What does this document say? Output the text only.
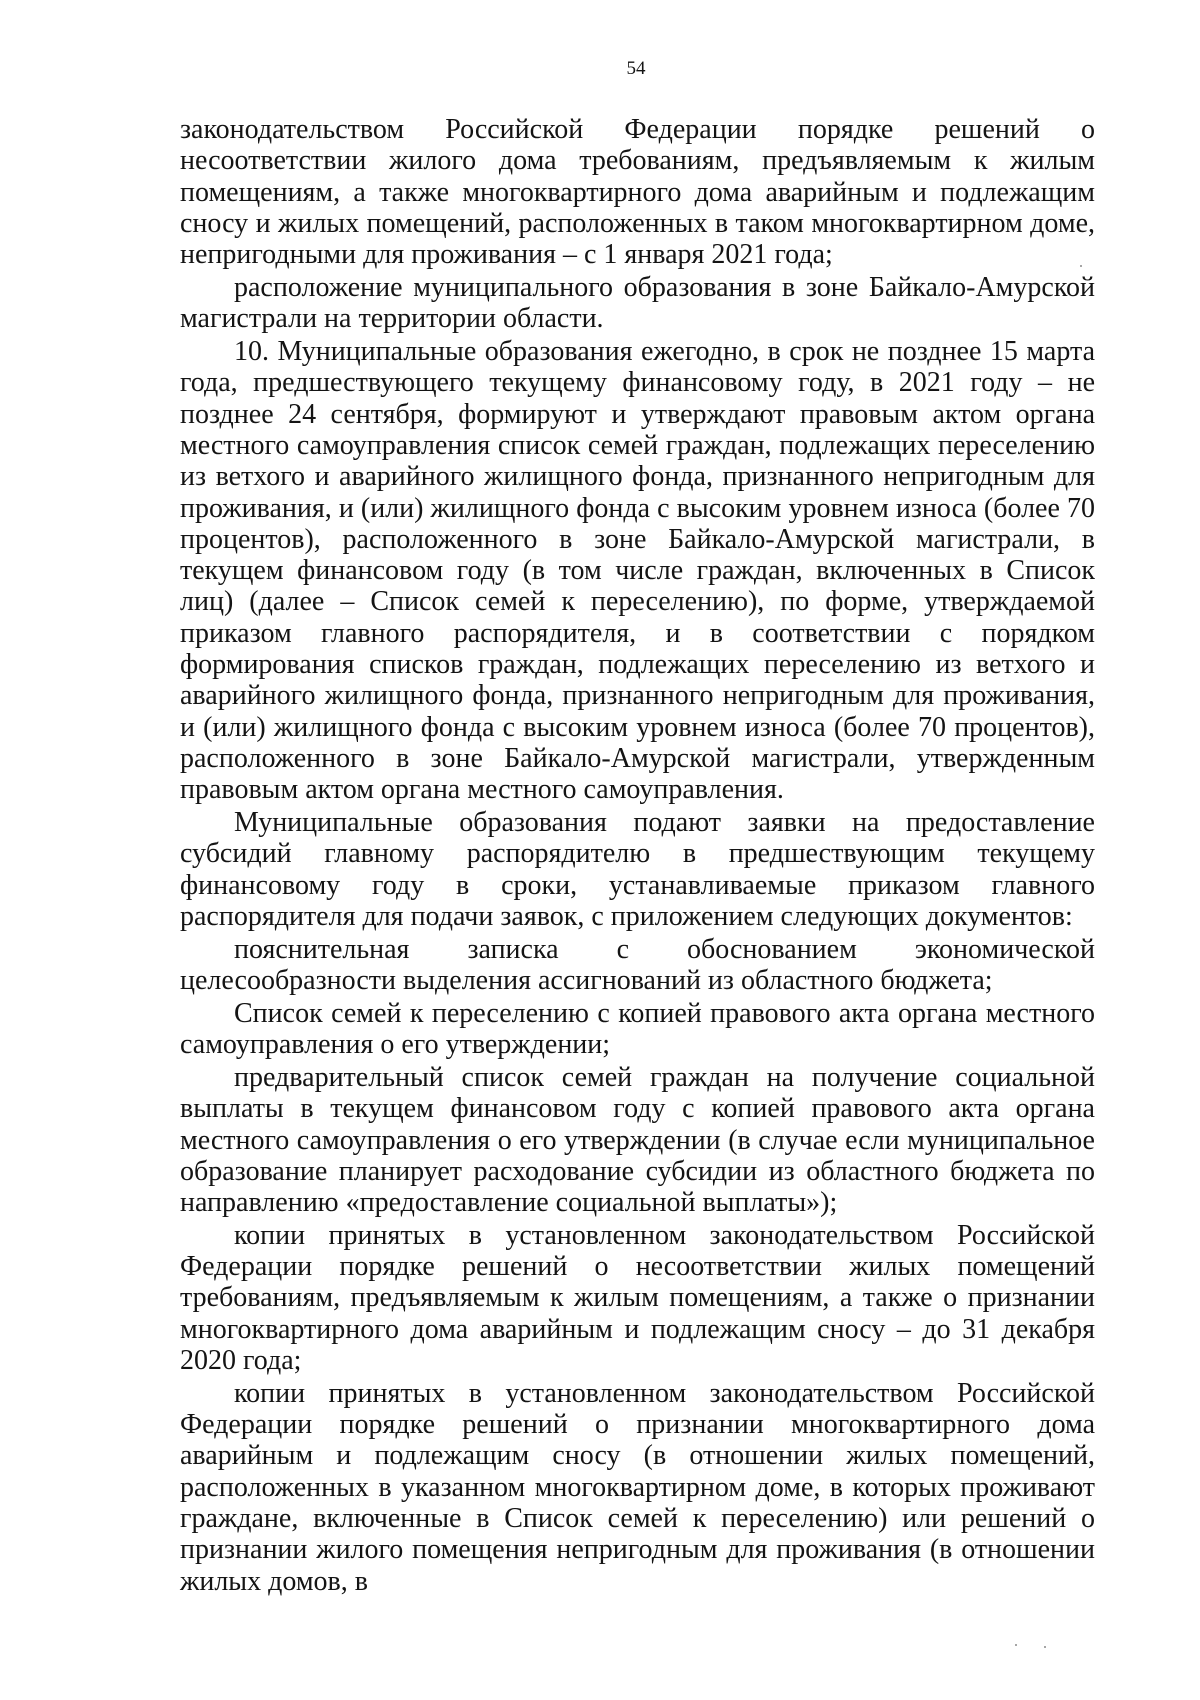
54

законодательством Российской Федерации порядке решений о несоответствии жилого дома требованиям, предъявляемым к жилым помещениям, а также многоквартирного дома аварийным и подлежащим сносу и жилых помещений, расположенных в таком многоквартирном доме, непригодными для проживания – с 1 января 2021 года;

расположение муниципального образования в зоне Байкало-Амурской магистрали на территории области.

10. Муниципальные образования ежегодно, в срок не позднее 15 марта года, предшествующего текущему финансовому году, в 2021 году – не позднее 24 сентября, формируют и утверждают правовым актом органа местного самоуправления список семей граждан, подлежащих переселению из ветхого и аварийного жилищного фонда, признанного непригодным для проживания, и (или) жилищного фонда с высоким уровнем износа (более 70 процентов), расположенного в зоне Байкало-Амурской магистрали, в текущем финансовом году (в том числе граждан, включенных в Список лиц) (далее – Список семей к переселению), по форме, утверждаемой приказом главного распорядителя, и в соответствии с порядком формирования списков граждан, подлежащих переселению из ветхого и аварийного жилищного фонда, признанного непригодным для проживания, и (или) жилищного фонда с высоким уровнем износа (более 70 процентов), расположенного в зоне Байкало-Амурской магистрали, утвержденным правовым актом органа местного самоуправления.

Муниципальные образования подают заявки на предоставление субсидий главному распорядителю в предшествующим текущему финансовому году в сроки, устанавливаемые приказом главного распорядителя для подачи заявок, с приложением следующих документов:

пояснительная записка с обоснованием экономической целесообразности выделения ассигнований из областного бюджета;

Список семей к переселению с копией правового акта органа местного самоуправления о его утверждении;

предварительный список семей граждан на получение социальной выплаты в текущем финансовом году с копией правового акта органа местного самоуправления о его утверждении (в случае если муниципальное образование планирует расходование субсидии из областного бюджета по направлению «предоставление социальной выплаты»);

копии принятых в установленном законодательством Российской Федерации порядке решений о несоответствии жилых помещений требованиям, предъявляемым к жилым помещениям, а также о признании многоквартирного дома аварийным и подлежащим сносу – до 31 декабря 2020 года;

копии принятых в установленном законодательством Российской Федерации порядке решений о признании многоквартирного дома аварийным и подлежащим сносу (в отношении жилых помещений, расположенных в указанном многоквартирном доме, в которых проживают граждане, включенные в Список семей к переселению) или решений о признании жилого помещения непригодным для проживания (в отношении жилых домов, в
